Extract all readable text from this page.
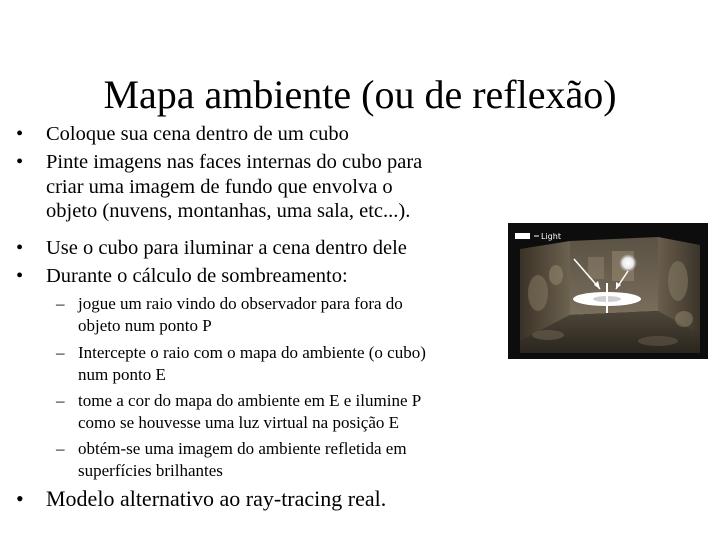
Mapa ambiente (ou de reflexão)
• Coloque sua cena dentro de um cubo
• Pinte imagens nas faces internas do cubo para
criar uma imagem de fundo que envolva o
objeto (nuvens, montanhas, uma sala, etc...).
• Use o cubo para iluminar a cena dentro dele
• Durante o cálculo de sombreamento:
– jogue um raio vindo do observador para fora do
objeto num ponto P
– Intercepte o raio com o mapa do ambiente (o cubo)
num ponto E
– tome a cor do mapa do ambiente em E e ilumine P
como se houvesse uma luz virtual na posição E
– obtém-se uma imagem do ambiente refletida em
superfícies brilhantes
• Modelo alternativo ao ray-tracing real.
Light
